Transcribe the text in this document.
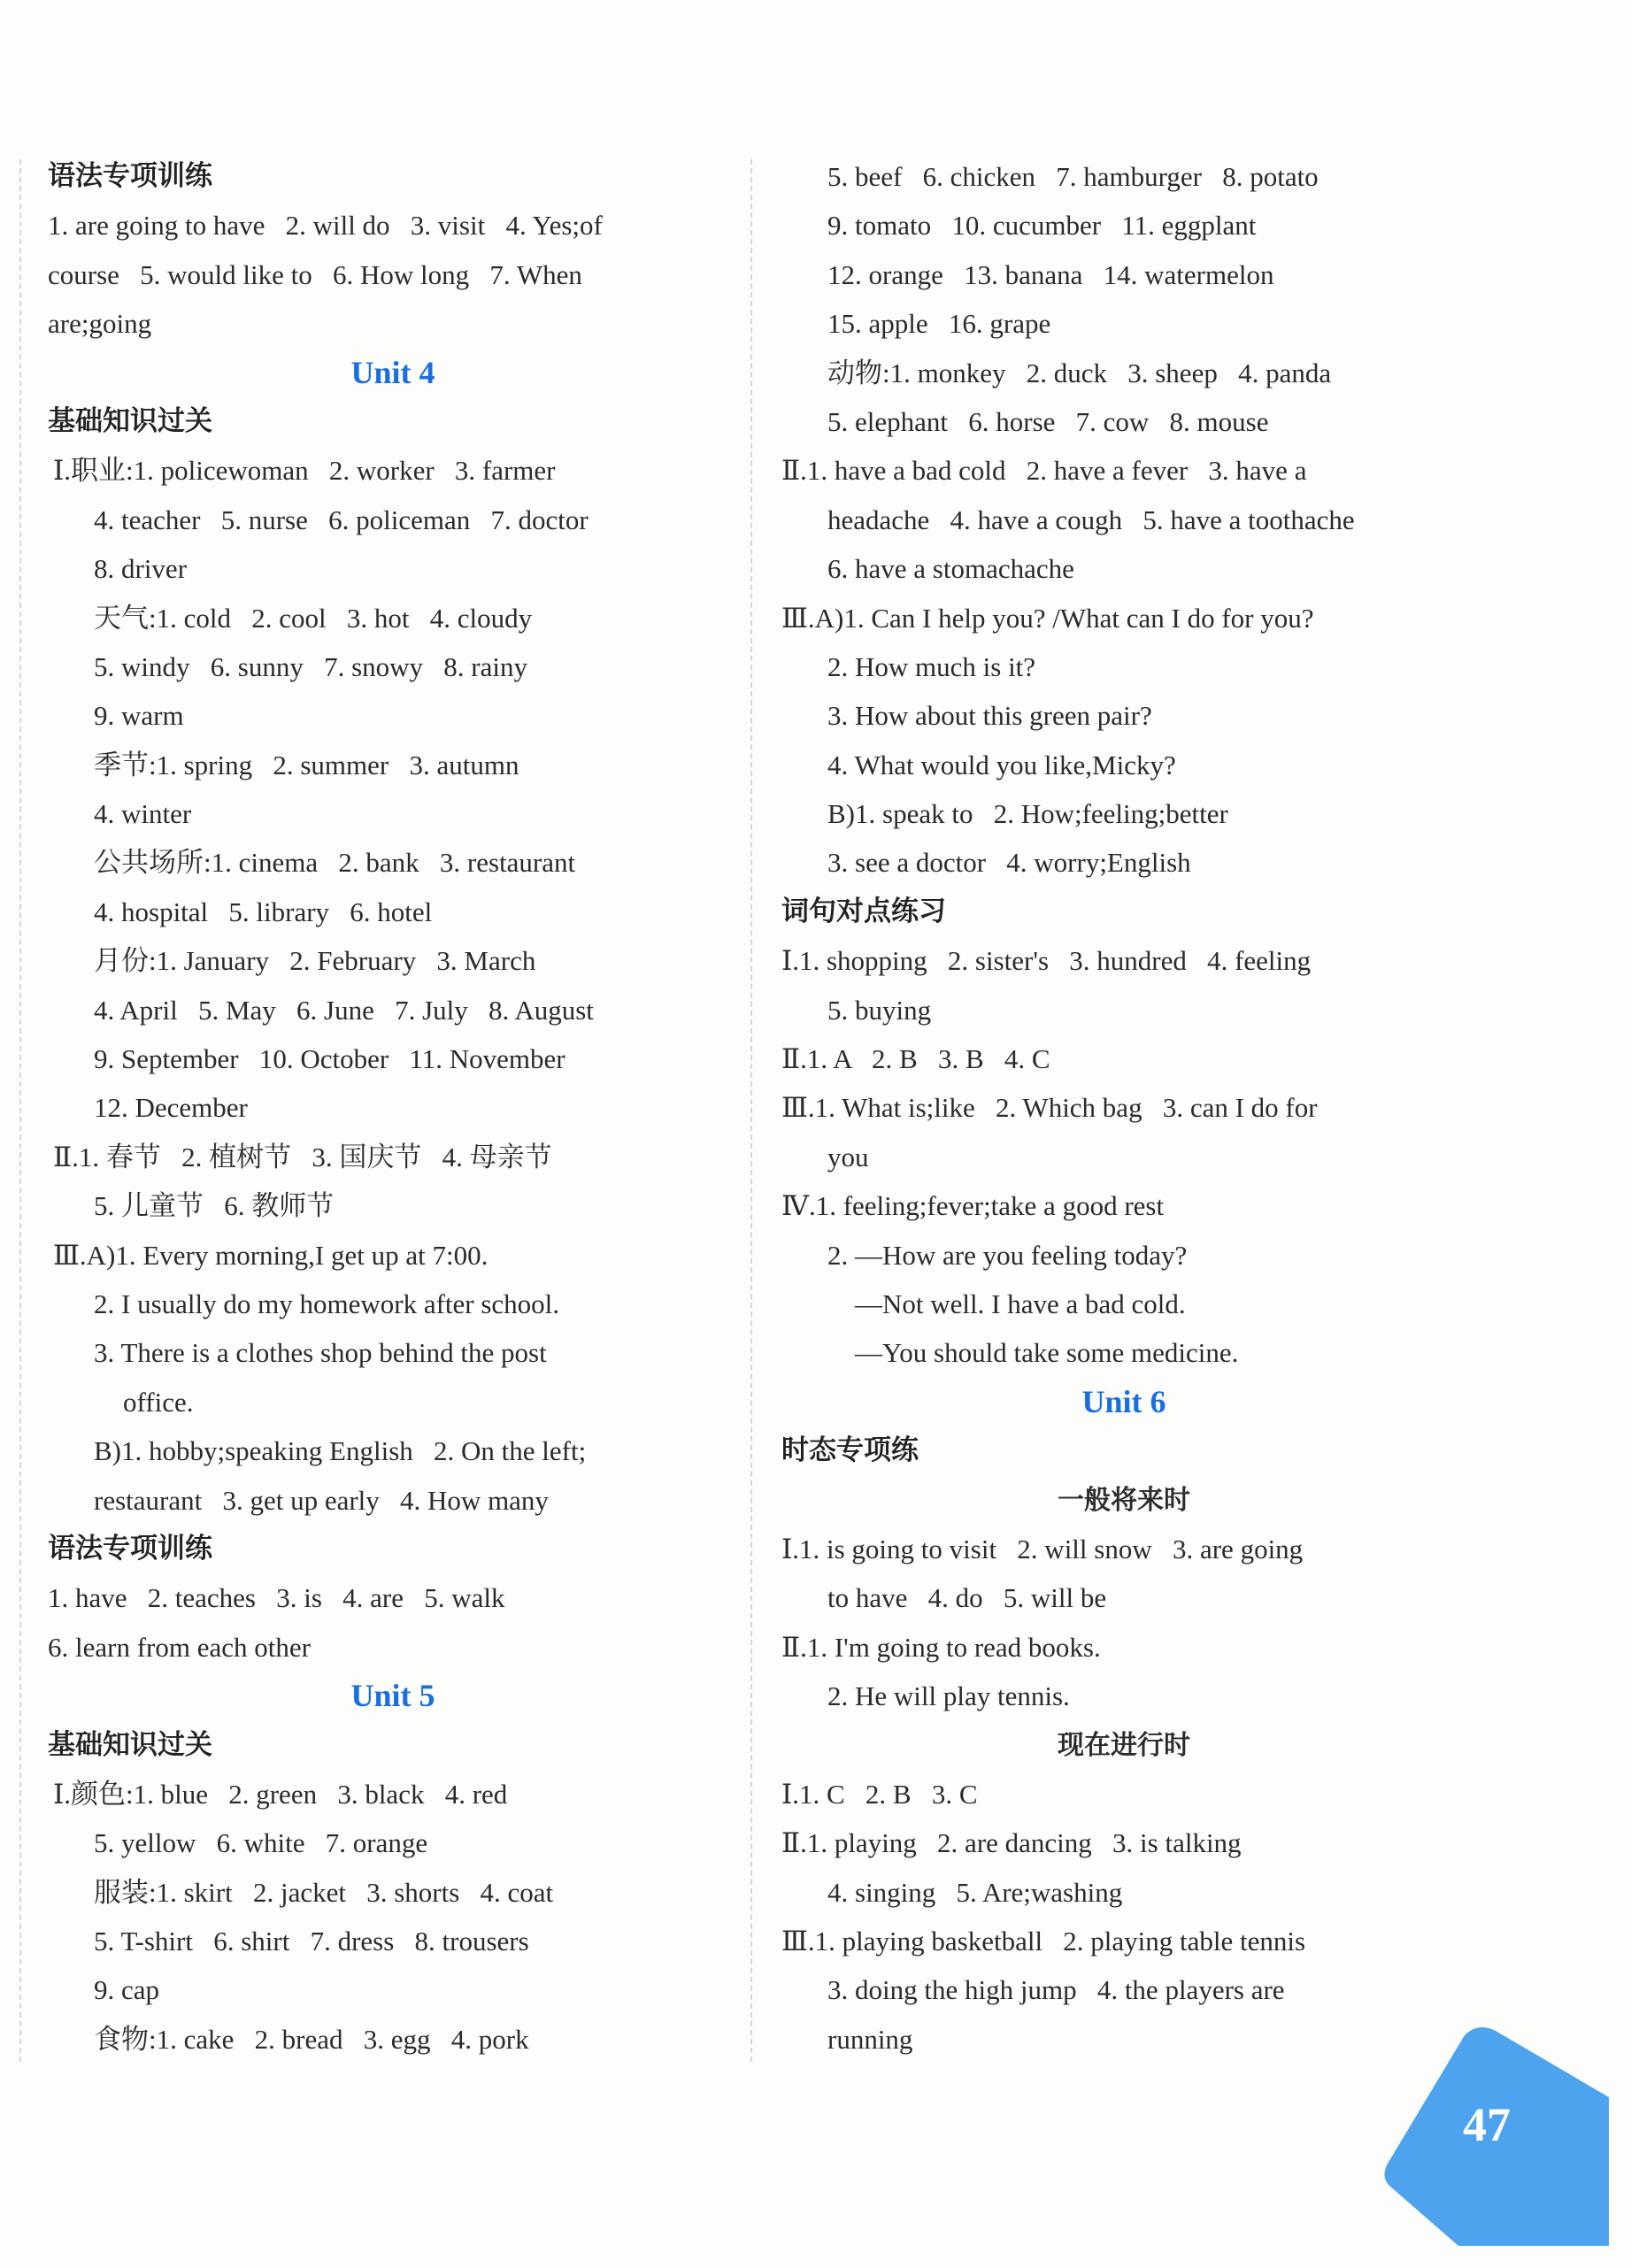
语法专项训练
1. are going to have   2. will do   3. visit   4. Yes;of
course   5. would like to   6. How long   7. When
are;going
Unit 4
基础知识过关
Ⅰ.职业:1. policewoman   2. worker   3. farmer
4. teacher   5. nurse   6. policeman   7. doctor
8. driver
天气:1. cold   2. cool   3. hot   4. cloudy
5. windy   6. sunny   7. snowy   8. rainy
9. warm
季节:1. spring   2. summer   3. autumn
4. winter
公共场所:1. cinema   2. bank   3. restaurant
4. hospital   5. library   6. hotel
月份:1. January   2. February   3. March
4. April   5. May   6. June   7. July   8. August
9. September   10. October   11. November
12. December
Ⅱ.1. 春节   2. 植树节   3. 国庆节   4. 母亲节
5. 儿童节   6. 教师节
Ⅲ.A)1. Every morning,I get up at 7:00.
2. I usually do my homework after school.
3. There is a clothes shop behind the post
office.
B)1. hobby;speaking English   2. On the left;
restaurant   3. get up early   4. How many
语法专项训练
1. have   2. teaches   3. is   4. are   5. walk
6. learn from each other
Unit 5
基础知识过关
Ⅰ.颜色:1. blue   2. green   3. black   4. red
5. yellow   6. white   7. orange
服装:1. skirt   2. jacket   3. shorts   4. coat
5. T-shirt   6. shirt   7. dress   8. trousers
9. cap
食物:1. cake   2. bread   3. egg   4. pork
5. beef   6. chicken   7. hamburger   8. potato
9. tomato   10. cucumber   11. eggplant
12. orange   13. banana   14. watermelon
15. apple   16. grape
动物:1. monkey   2. duck   3. sheep   4. panda
5. elephant   6. horse   7. cow   8. mouse
Ⅱ.1. have a bad cold   2. have a fever   3. have a
headache   4. have a cough   5. have a toothache
6. have a stomachache
Ⅲ.A)1. Can I help you? /What can I do for you?
2. How much is it?
3. How about this green pair?
4. What would you like,Micky?
B)1. speak to   2. How;feeling;better
3. see a doctor   4. worry;English
词句对点练习
Ⅰ.1. shopping   2. sister's   3. hundred   4. feeling
5. buying
Ⅱ.1. A   2. B   3. B   4. C
Ⅲ.1. What is;like   2. Which bag   3. can I do for
you
Ⅳ.1. feeling;fever;take a good rest
2. —How are you feeling today?
—Not well. I have a bad cold.
—You should take some medicine.
Unit 6
时态专项练
一般将来时
Ⅰ.1. is going to visit   2. will snow   3. are going
to have   4. do   5. will be
Ⅱ.1. I'm going to read books.
2. He will play tennis.
现在进行时
Ⅰ.1. C   2. B   3. C
Ⅱ.1. playing   2. are dancing   3. is talking
4. singing   5. Are;washing
Ⅲ.1. playing basketball   2. playing table tennis
3. doing the high jump   4. the players are
running
47
